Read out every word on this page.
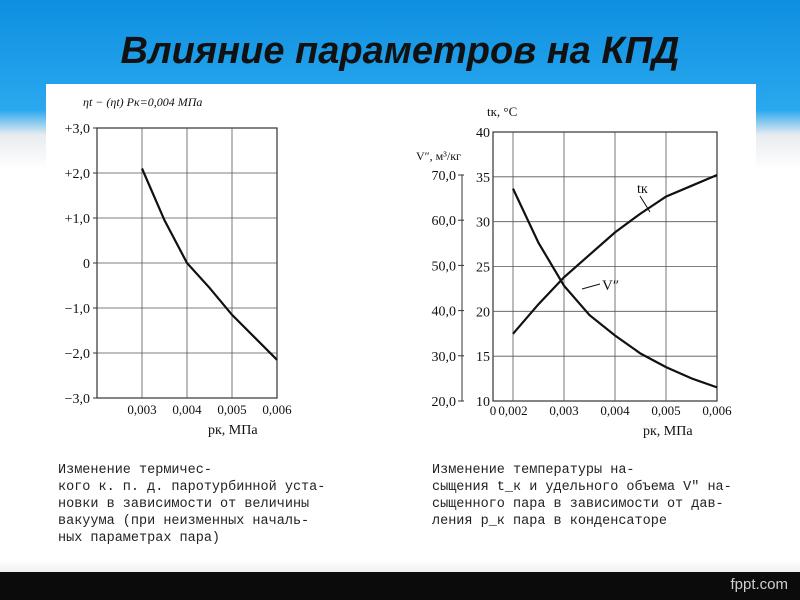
Влияние параметров на КПД
+3,0
+2,0
+1,0
0
−1,0
−2,0
−3,0
0,003 0,004 0,005 0,006
pк, МПа
ηt − (ηt) Pк=0,004 МПа
40
35
30
25
20
15
10
70,0
60,0
50,0
40,0
30,0
20,0
0 0,002 0,003 0,004 0,005 0,006
pк, МПа
tк, °С
V″, м³/кг
tк
V″
Изменение термичес-
кого к. п. д. паротурбинной уста-
новки в зависимости от величины
вакуума (при неизменных началь-
ных параметрах пара)
Изменение температуры на-
сыщения t_к и удельного объема V″ на-
сыщенного пара в зависимости от дав-
ления p_к пара в конденсаторе
fppt.com
